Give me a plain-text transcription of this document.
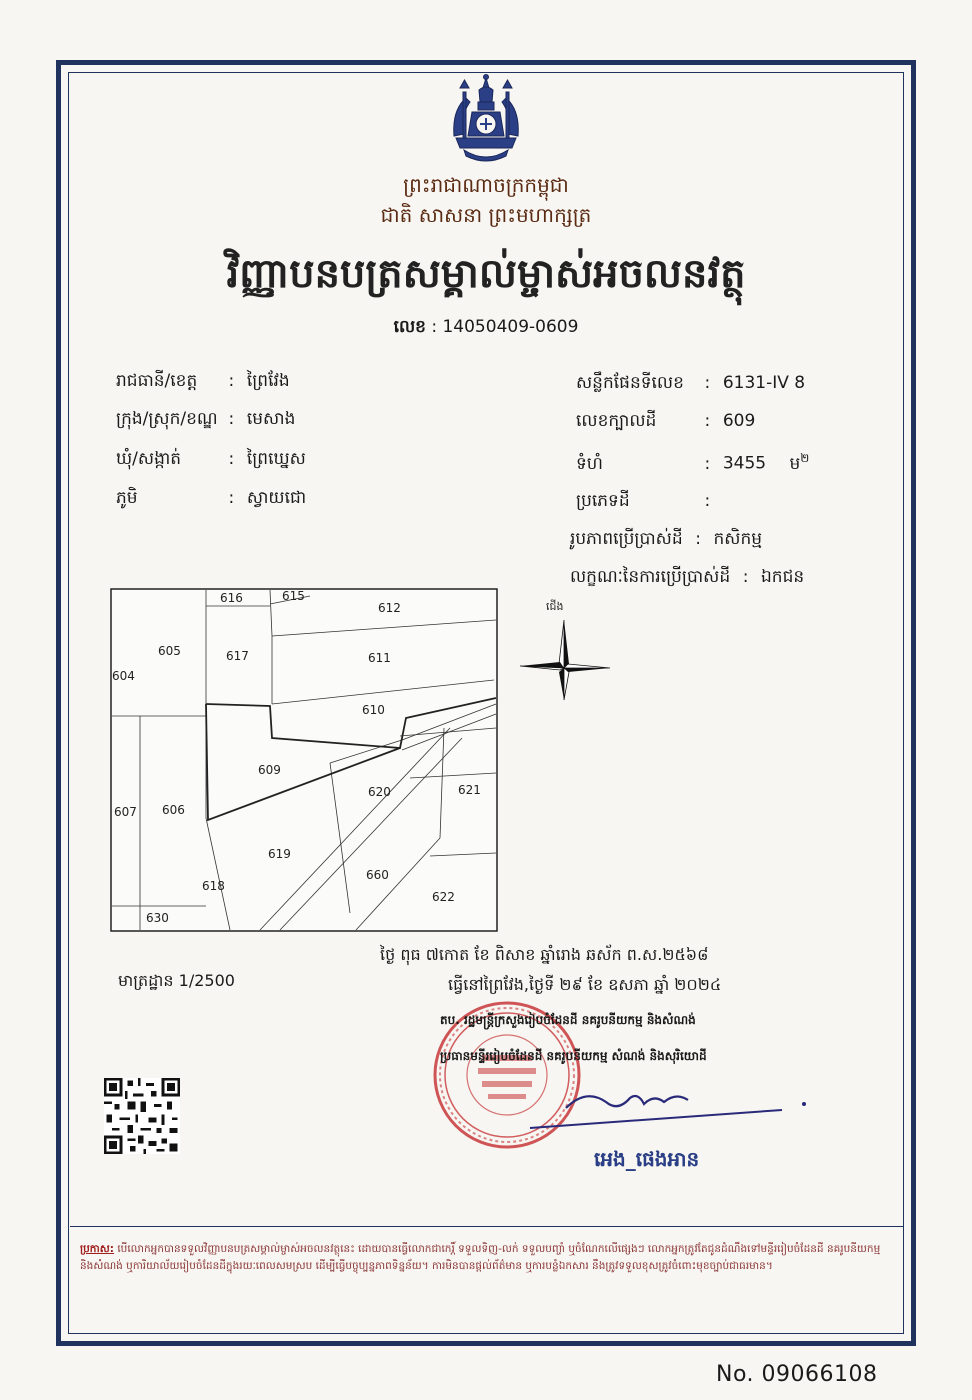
ព្រះរាជាណាចក្រកម្ពុជា
ជាតិ សាសនា ព្រះមហាក្សត្រ
វិញ្ញាបនបត្រសម្គាល់ម្ចាស់អចលនវត្ថុ
លេខ : 14050409-0609
រាជធានី/ខេត្ត : ព្រៃវែង
ក្រុង/ស្រុក/ខណ្ឌ : មេសាង
ឃុំ/សង្កាត់	: ព្រៃឃ្នេស
ភូមិ	: ស្វាយជោ
សន្លឹកផែនទីលេខ : 6131-IV 8
លេខក្បាលដី	: 609
ទំហំ	: 3455 ម$^២$
ប្រភេទដី	:
រូបភាពប្រើប្រាស់ដី : កសិកម្ម
លក្ខណៈនៃការប្រើប្រាស់ដី : ឯកជន
616	615
612
605	617	611
604
610
609
620	621
607 606
619
660
618
622
630
ជើង
ថ្ងៃ ពុធ ៧កោត ខែ ពិសាខ ឆ្នាំរោង ឆស័ក ព.ស.២៥៦៨
ធ្វើនៅព្រៃវែង,ថ្ងៃទី ២៩ ខែ ឧសភា ឆ្នាំ ២០២៤
មាត្រដ្ឋាន 1/2500
តប. រដ្ឋមន្ត្រីក្រសួងរៀបចំដែនដី នគរូបនីយកម្ម និងសំណង់
ប្រធានមន្ទីររៀបចំដែនដី នគរូបនីយកម្ម សំណង់ និងសុរិយោដី
អេង_ផេងអាន
ប្រកាស: បើលោកអ្នកបានទទួលវិញ្ញាបនបត្រសម្គាល់ម្ចាស់អចលនវត្ថុនេះ ដោយបានធ្វើលោកជាកេរ្តិ៍ ទទួលទិញ-លក់ ទទួលបញ្ចាំ ឬចំណែកលើផ្សេងៗ លោកអ្នកត្រូវតែជូនដំណឹងទៅមន្ទីររៀបចំដែនដី នគរូបនីយកម្ម និងសំណង់ ឬការិយាល័យរៀបចំដែនដីក្នុងរយៈពេលសមស្រប ដើម្បីធ្វើបច្ចុប្បន្នភាពទិន្នន័យ។ ការមិនបានផ្ដល់ព័ត៌មាន ឬការបន្លំឯកសារ នឹងត្រូវទទួលខុសត្រូវចំពោះមុខច្បាប់ជាធរមាន។
No. 09066108
